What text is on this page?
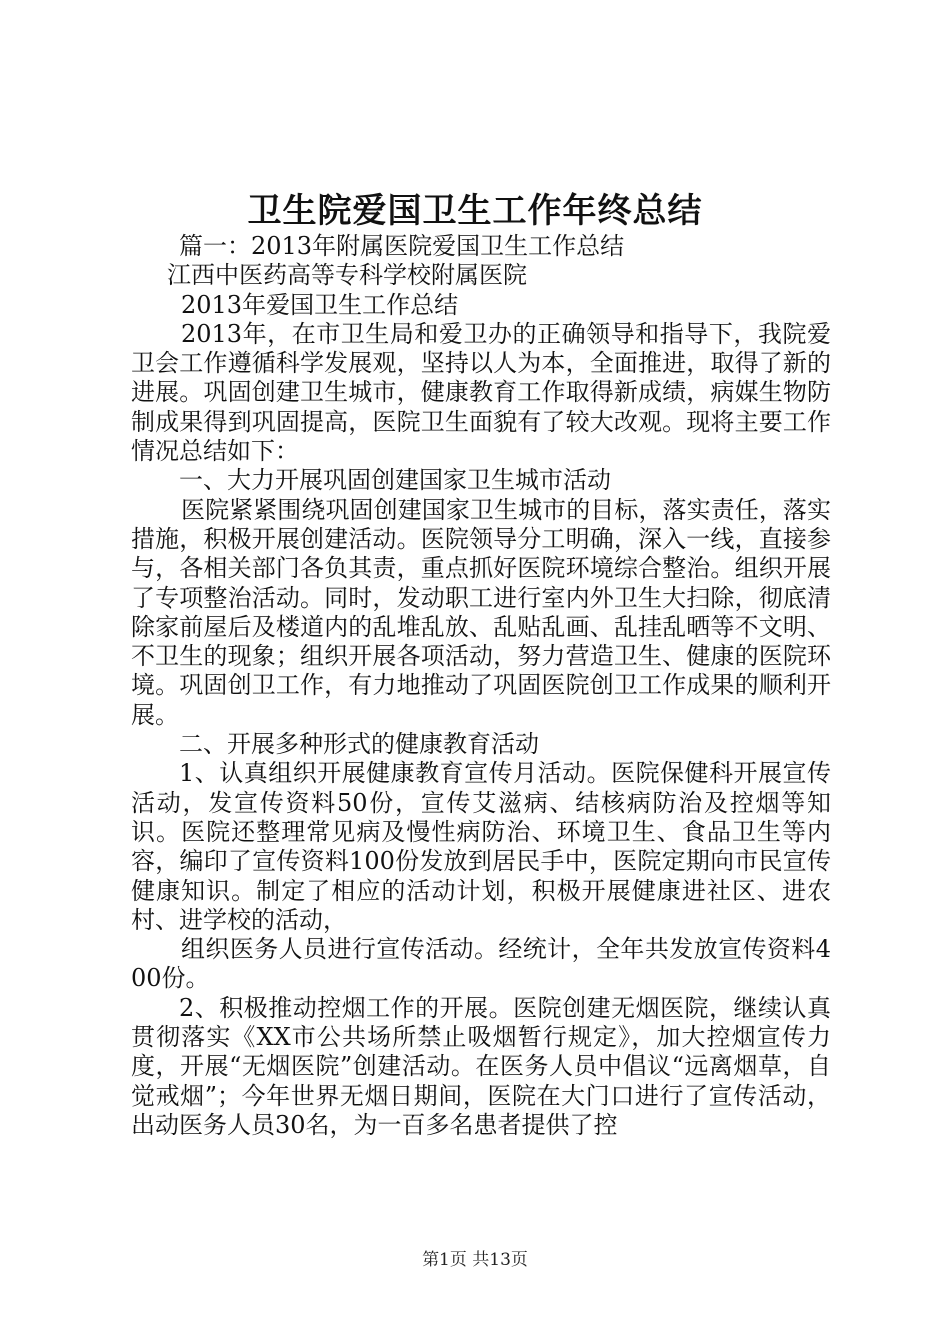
卫生院爱国卫生工作年终总结

篇一：2013年附属医院爱国卫生工作总结

江西中医药高等专科学校附属医院

2013年爱国卫生工作总结

2013年，在市卫生局和爱卫办的正确领导和指导下，我院爱卫会工作遵循科学发展观，坚持以人为本，全面推进，取得了新的进展。巩固创建卫生城市，健康教育工作取得新成绩，病媒生物防制成果得到巩固提高，医院卫生面貌有了较大改观。现将主要工作情况总结如下：

一、大力开展巩固创建国家卫生城市活动

医院紧紧围绕巩固创建国家卫生城市的目标，落实责任，落实措施，积极开展创建活动。医院领导分工明确，深入一线，直接参与，各相关部门各负其责，重点抓好医院环境综合整治。组织开展了专项整治活动。同时，发动职工进行室内外卫生大扫除，彻底清除家前屋后及楼道内的乱堆乱放、乱贴乱画、乱挂乱晒等不文明、不卫生的现象；组织开展各项活动，努力营造卫生、健康的医院环境。巩固创卫工作，有力地推动了巩固医院创卫工作成果的顺利开展。

二、开展多种形式的健康教育活动

1、认真组织开展健康教育宣传月活动。医院保健科开展宣传活动，发宣传资料50份，宣传艾滋病、结核病防治及控烟等知识。医院还整理常见病及慢性病防治、环境卫生、食品卫生等内容，编印了宣传资料100份发放到居民手中，医院定期向市民宣传健康知识。制定了相应的活动计划，积极开展健康进社区、进农村、进学校的活动，

组织医务人员进行宣传活动。经统计，全年共发放宣传资料400份。

2、积极推动控烟工作的开展。医院创建无烟医院，继续认真贯彻落实《XX市公共场所禁止吸烟暂行规定》，加大控烟宣传力度，开展“无烟医院”创建活动。在医务人员中倡议“远离烟草，自觉戒烟”；今年世界无烟日期间，医院在大门口进行了宣传活动，出动医务人员30名，为一百多名患者提供了控

第1页 共13页
